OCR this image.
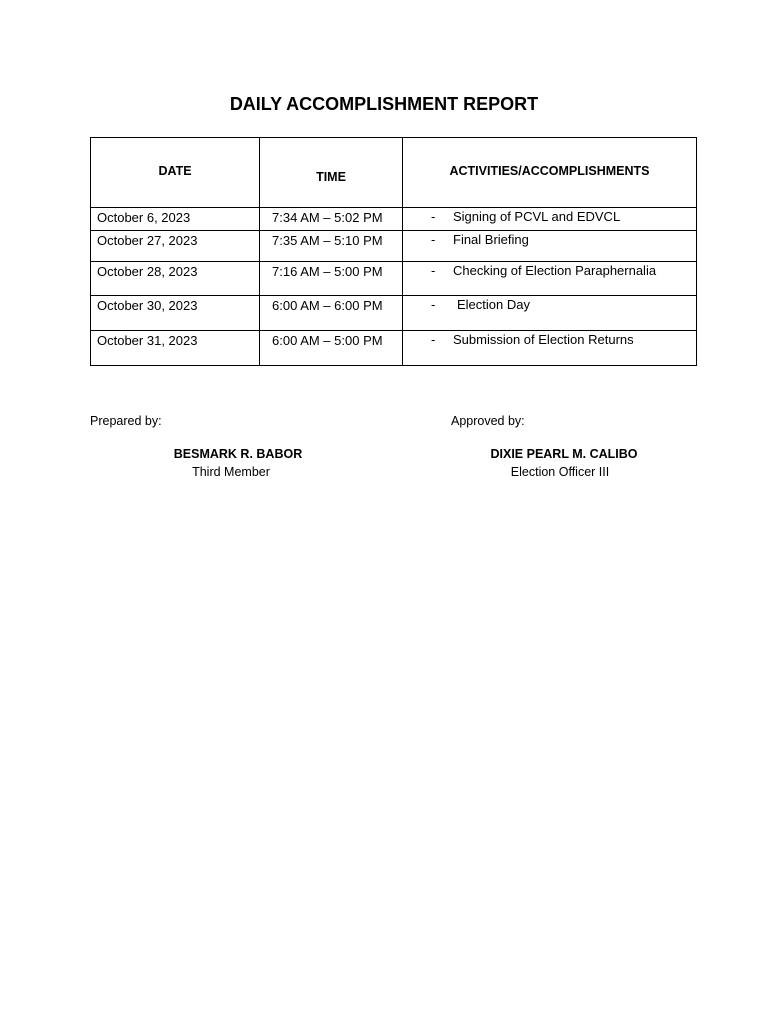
DAILY ACCOMPLISHMENT REPORT
DATE	TIME	ACTIVITIES/ACCOMPLISHMENTS

October 6, 2023	7:34 AM – 5:02 PM	- Signing of PCVL and EDVCL
October 27, 2023	7:35 AM – 5:10 PM	- Final Briefing
October 28, 2023	7:16 AM – 5:00 PM	- Checking of Election Paraphernalia
October 30, 2023	6:00 AM – 6:00 PM	- Election Day
October 31, 2023	6:00 AM – 5:00 PM	- Submission of Election Returns
Prepared by:	Approved by:
BESMARK R. BABOR
Third Member
DIXIE PEARL M. CALIBO
Election Officer III
